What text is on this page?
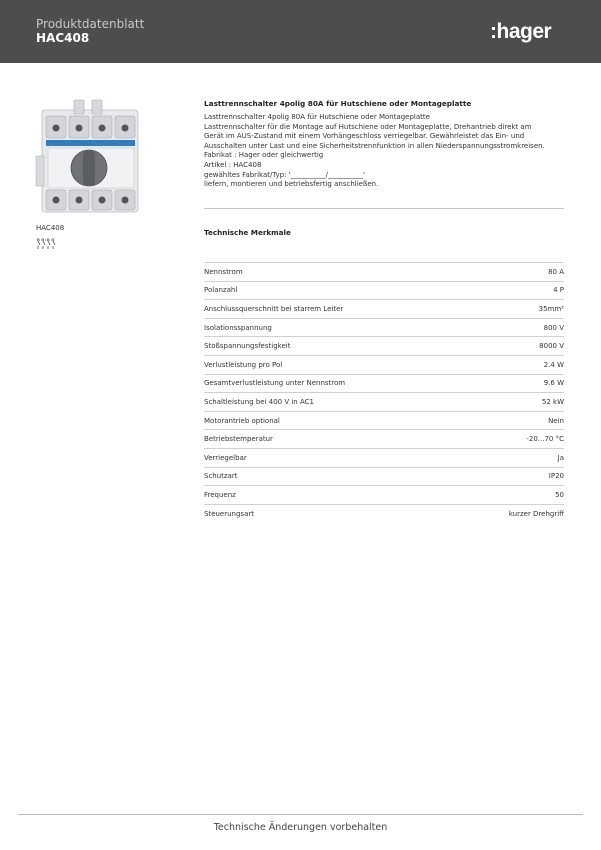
Produktdatenblatt
HAC408	:hager
HAC408
Lasttrennschalter 4polig 80A für Hutschiene oder Montageplatte
Lasttrennschalter 4polig 80A für Hutschiene oder Montageplatte
Lasttrennschalter für die Montage auf Hutschiene oder Montageplatte, Drehantrieb direkt am
Gerät im AUS-Zustand mit einem Vorhängeschloss verriegelbar. Gewährleistet das Ein- und
Ausschalten unter Last und eine Sicherheitstrennfunktion in allen Niederspannungsstromkreisen.
Fabrikat : Hager oder gleichwertig
Artikel : HAC408
gewähltes Fabrikat/Typ: '__________/__________'
liefern, montieren und betriebsfertig anschließen.
Technische Merkmale
Nennstrom	80 A
Polanzahl	4 P
Anschlussquerschnitt bei starrem Leiter	35mm²
Isolationsspannung	800 V
Stoßspannungsfestigkeit	8000 V
Verlustleistung pro Pol	2.4 W
Gesamtverlustleistung unter Nennstrom	9.6 W
Schaltleistung bei 400 V in AC1	52 kW
Motorantrieb optional	Nein
Betriebstemperatur	-20...70 °C
Verriegelbar	Ja
Schutzart	IP20
Frequenz	50
Steuerungsart	kurzer Drehgriff
Technische Änderungen vorbehalten
